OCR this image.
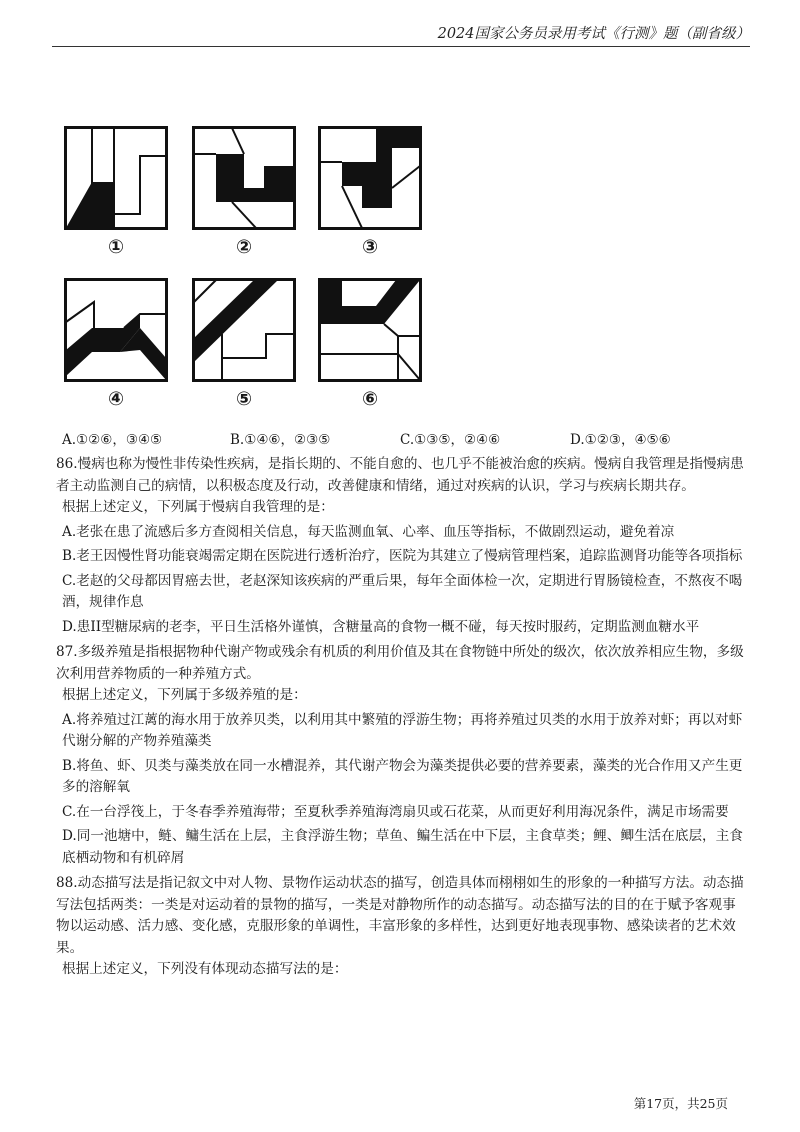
2024国家公务员录用考试《行测》题（副省级）
①	②	③
④	⑤	⑥
A.①②⑥，③④⑤	B.①④⑥，②③⑤	C.①③⑤，②④⑥	D.①②③，④⑤⑥

86.慢病也称为慢性非传染性疾病，是指长期的、不能自愈的、也几乎不能被治愈的疾病。慢病自我管理是指慢病患者主动监测自己的病情，以积极态度及行动，改善健康和情绪，通过对疾病的认识，学习与疾病长期共存。

根据上述定义，下列属于慢病自我管理的是：

A.老张在患了流感后多方查阅相关信息，每天监测血氧、心率、血压等指标，不做剧烈运动，避免着凉

B.老王因慢性肾功能衰竭需定期在医院进行透析治疗，医院为其建立了慢病管理档案，追踪监测肾功能等各项指标

C.老赵的父母都因胃癌去世，老赵深知该疾病的严重后果，每年全面体检一次，定期进行胃肠镜检查，不熬夜不喝酒，规律作息

D.患II型糖尿病的老李，平日生活格外谨慎，含糖量高的食物一概不碰，每天按时服药，定期监测血糖水平

87.多级养殖是指根据物种代谢产物或残余有机质的利用价值及其在食物链中所处的级次，依次放养相应生物，多级次利用营养物质的一种养殖方式。

根据上述定义，下列属于多级养殖的是：

A.将养殖过江蓠的海水用于放养贝类，以利用其中繁殖的浮游生物；再将养殖过贝类的水用于放养对虾；再以对虾代谢分解的产物养殖藻类

B.将鱼、虾、贝类与藻类放在同一水槽混养，其代谢产物会为藻类提供必要的营养要素，藻类的光合作用又产生更多的溶解氧

C.在一台浮筏上，于冬春季养殖海带；至夏秋季养殖海湾扇贝或石花菜，从而更好利用海况条件，满足市场需要

D.同一池塘中，鲢、鳙生活在上层，主食浮游生物；草鱼、鳊生活在中下层，主食草类；鲤、鲫生活在底层，主食底栖动物和有机碎屑

88.动态描写法是指记叙文中对人物、景物作运动状态的描写，创造具体而栩栩如生的形象的一种描写方法。动态描写法包括两类：一类是对运动着的景物的描写，一类是对静物所作的动态描写。动态描写法的目的在于赋予客观事物以运动感、活力感、变化感，克服形象的单调性，丰富形象的多样性，达到更好地表现事物、感染读者的艺术效果。

根据上述定义，下列没有体现动态描写法的是：

第17页，共25页
